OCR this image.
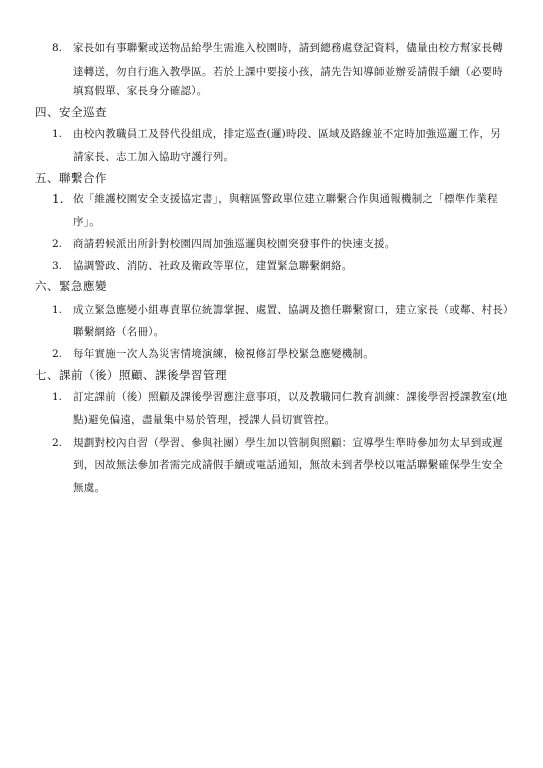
8. 家長如有事聯繫或送物品給學生需進入校園時，請到總務處登記資料，儘量由校方幫家長轉
達轉送，勿自行進入教學區。若於上課中要接小孩，請先告知導師並辦妥請假手續（必要時
填寫假單、家長身分確認）。
四、安全巡查
1. 由校內教職員工及替代役組成，排定巡查(邏)時段、區域及路線並不定時加強巡邏工作，另
請家長、志工加入協助守護行列。
五、聯繫合作
1. 依「維護校園安全支援協定書」，與轄區警政單位建立聯繫合作與通報機制之「標準作業程
序」。
2. 商請碧候派出所針對校園四周加強巡邏與校園突發事件的快速支援。
3. 協調警政、消防、社政及衛政等單位，建置緊急聯繫網絡。
六、緊急應變
1. 成立緊急應變小組專責單位統籌掌握、處置、協調及擔任聯繫窗口，建立家長（或鄰、村長）
聯繫網絡（名冊）。
2. 每年實施一次人為災害情境演練，檢視修訂學校緊急應變機制。
七、課前（後）照顧、課後學習管理
1. 訂定課前（後）照顧及課後學習應注意事項，以及教職同仁教育訓練：課後學習授課教室(地
點)避免偏遠，盡量集中易於管理，授課人員切實管控。
2. 規劃對校內自習（學習、參與社團）學生加以管制與照顧：宣導學生準時參加勿太早到或遲
到，因故無法參加者需完成請假手續或電話通知，無故未到者學校以電話聯繫確保學生安全
無虞。
